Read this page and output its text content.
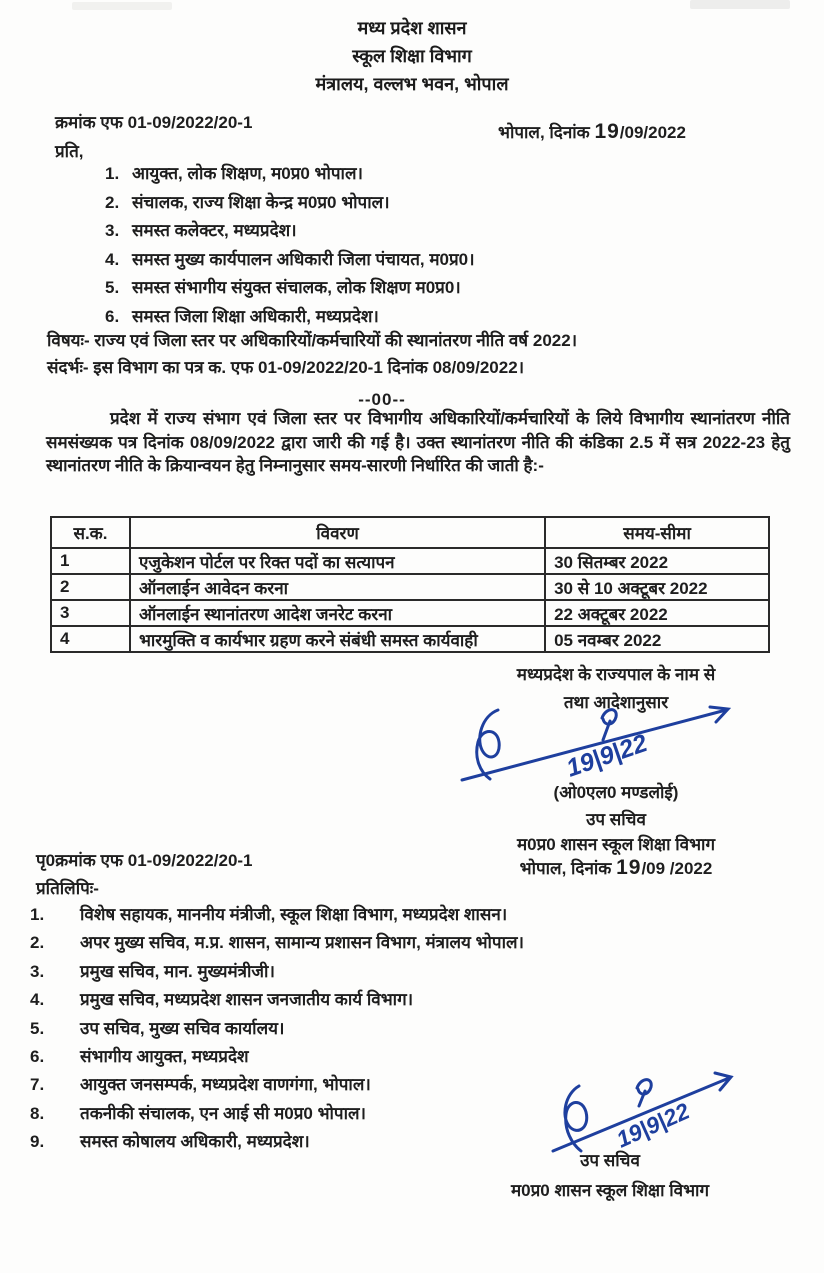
मध्य प्रदेश शासन
स्कूल शिक्षा विभाग
मंत्रालय, वल्लभ भवन, भोपाल
क्रमांक एफ 01-09/2022/20-1
भोपाल, दिनांक 19/09/2022
प्रति,
1. आयुक्त, लोक शिक्षण, म0प्र0 भोपाल।
2. संचालक, राज्य शिक्षा केन्द्र म0प्र0 भोपाल।
3. समस्त कलेक्टर, मध्यप्रदेश।
4. समस्त मुख्य कार्यपालन अधिकारी जिला पंचायत, म0प्र0।
5. समस्त संभागीय संयुक्त संचालक, लोक शिक्षण म0प्र0।
6. समस्त जिला शिक्षा अधिकारी, मध्यप्रदेश।
विषयः- राज्य एवं जिला स्तर पर अधिकारियों/कर्मचारियों की स्थानांतरण नीति वर्ष 2022।
संदर्भः- इस विभाग का पत्र क. एफ 01-09/2022/20-1 दिनांक 08/09/2022।
--00--
प्रदेश में राज्य संभाग एवं जिला स्तर पर विभागीय अधिकारियों/कर्मचारियों के लिये विभागीय स्थानांतरण नीति समसंख्यक पत्र दिनांक 08/09/2022 द्वारा जारी की गई है। उक्त स्थानांतरण नीति की कंडिका 2.5 में सत्र 2022-23 हेतु स्थानांतरण नीति के क्रियान्वयन हेतु निम्नानुसार समय-सारणी निर्धारित की जाती है:-
स.क.	विवरण	समय-सीमा
1	एजुकेशन पोर्टल पर रिक्त पदों का सत्यापन	30 सितम्बर 2022
2	ऑनलाईन आवेदन करना	30 से 10 अक्टूबर 2022
3	ऑनलाईन स्थानांतरण आदेश जनरेट करना	22 अक्टूबर 2022
4	भारमुक्ति व कार्यभार ग्रहण करने संबंधी समस्त कार्यवाही	05 नवम्बर 2022
मध्यप्रदेश के राज्यपाल के नाम से
तथा आदेशानुसार
19|9|22
(ओ0एल0 मण्डलोई)
उप सचिव
म0प्र0 शासन स्कूल शिक्षा विभाग
भोपाल, दिनांक 19/09 /2022
पृ0क्रमांक एफ 01-09/2022/20-1
प्रतिलिपिः-
1.	विशेष सहायक, माननीय मंत्रीजी, स्कूल शिक्षा विभाग, मध्यप्रदेश शासन।
2.	अपर मुख्य सचिव, म.प्र. शासन, सामान्य प्रशासन विभाग, मंत्रालय भोपाल।
3.	प्रमुख सचिव, मान. मुख्यमंत्रीजी।
4.	प्रमुख सचिव, मध्यप्रदेश शासन जनजातीय कार्य विभाग।
5.	उप सचिव, मुख्य सचिव कार्यालय।
6.	संभागीय आयुक्त, मध्यप्रदेश
7.	आयुक्त जनसम्पर्क, मध्यप्रदेश वाणगंगा, भोपाल।
8.	तकनीकी संचालक, एन आई सी म0प्र0 भोपाल।
9.	समस्त कोषालय अधिकारी, मध्यप्रदेश।	19|9|22
उप सचिव
म0प्र0 शासन स्कूल शिक्षा विभाग
